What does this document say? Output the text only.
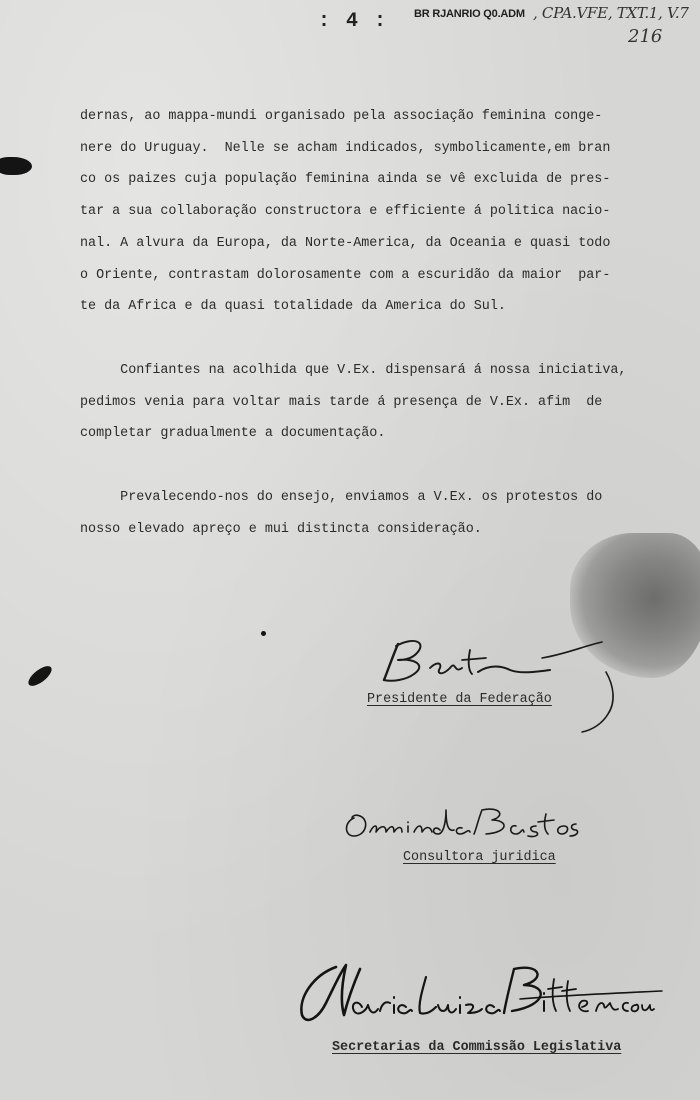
: 4 : BR RJANRIO Q0.ADM , CPA.VFE, TXT.1, V.7
216
dernas, ao mappa-mundi organisado pela associação feminina conge-
nere do Uruguay.  Nelle se acham indicados, symbolicamente,em bran
co os paizes cuja população feminina ainda se vê excluida de pres-
tar a sua collaboração constructora e efficiente á politica nacio-
nal. A alvura da Europa, da Norte-America, da Oceania e quasi todo
o Oriente, contrastam dolorosamente com a escuridão da maior  par-
te da Africa e da quasi totalidade da America do Sul.
Confiantes na acolhida que V.Ex. dispensará á nossa iniciativa,
pedimos venia para voltar mais tarde á presença de V.Ex. afim  de
completar gradualmente a documentação.
Prevalecendo-nos do ensejo, enviamos a V.Ex. os protestos do
nosso elevado apreço e mui distincta consideração.
Presidente da Federação
Consultora juridica
Secretarias da Commissão Legislativa
